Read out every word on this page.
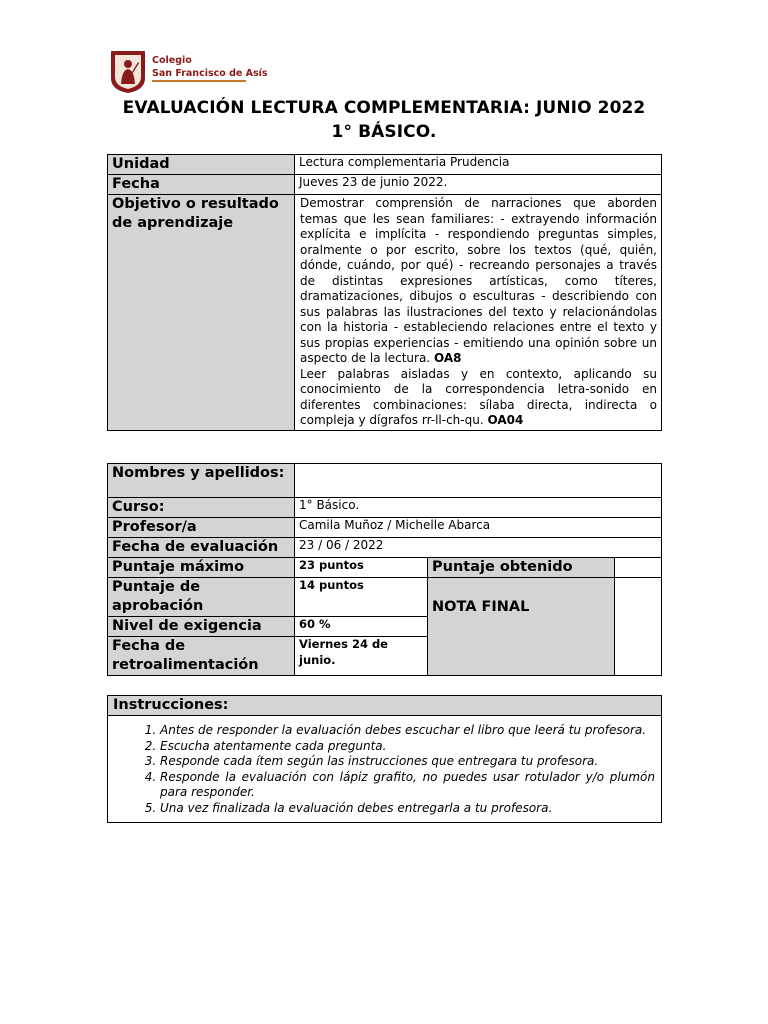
Colegio
San Francisco de Asís
EVALUACIÓN LECTURA COMPLEMENTARIA: JUNIO 2022
1° BÁSICO.
Unidad	Lectura complementaria Prudencia
Fecha	Jueves 23 de junio 2022.
Objetivo o resultado de aprendizaje	Demostrar comprensión de narraciones que aborden temas que les sean familiares: - extrayendo información explícita e implícita - respondiendo preguntas simples, oralmente o por escrito, sobre los textos (qué, quién, dónde, cuándo, por qué) - recreando personajes a través de distintas expresiones artísticas, como títeres, dramatizaciones, dibujos o esculturas - describiendo con sus palabras las ilustraciones del texto y relacionándolas con la historia - estableciendo relaciones entre el texto y sus propias experiencias - emitiendo una opinión sobre un aspecto de la lectura. OA8
Leer palabras aisladas y en contexto, aplicando su conocimiento de la correspondencia letra-sonido en diferentes combinaciones: sílaba directa, indirecta o compleja y dígrafos rr-ll-ch-qu. OA04
Nombres y apellidos:			
Curso:	1° Básico.		
Profesor/a	Camila Muñoz / Michelle Abarca		
Fecha de evaluación	23 / 06 / 2022		
Puntaje máximo	23 puntos	Puntaje obtenido	
Puntaje de aprobación	14 puntos	NOTA FINAL	
Nivel de exigencia	60 %		
Fecha de retroalimentación	Viernes 24 de junio.		
Instrucciones:

1. Antes de responder la evaluación debes escuchar el libro que leerá tu profesora.
2. Escucha atentamente cada pregunta.
3. Responde cada ítem según las instrucciones que entregara tu profesora.
4. Responde la evaluación con lápiz grafito, no puedes usar rotulador y/o plumón para responder.
5. Una vez finalizada la evaluación debes entregarla a tu profesora.
